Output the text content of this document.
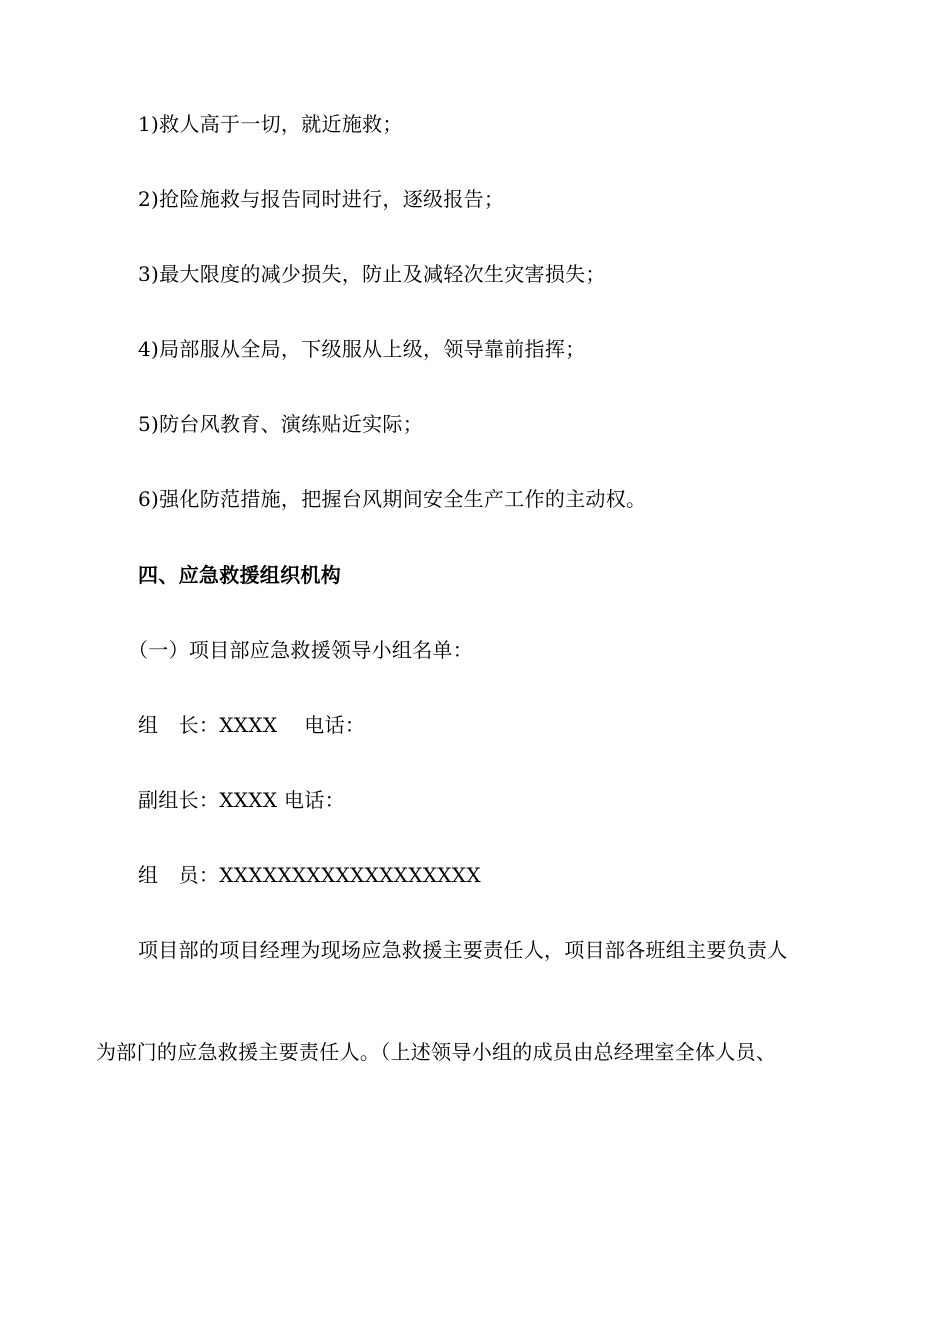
1)救人高于一切，就近施救；
2)抢险施救与报告同时进行，逐级报告；
3)最大限度的减少损失，防止及减轻次生灾害损失；
4)局部服从全局，下级服从上级，领导靠前指挥；
5)防台风教育、演练贴近实际；
6)强化防范措施，把握台风期间安全生产工作的主动权。
四、应急救援组织机构
（一）项目部应急救援领导小组名单：
组　长：XXXX　 电话：
副组长：XXXX 电话：
组　员：XXXXXXXXXXXXXXXXXX
项目部的项目经理为现场应急救援主要责任人，项目部各班组主要负责人
为部门的应急救援主要责任人。（上述领导小组的成员由总经理室全体人员、
